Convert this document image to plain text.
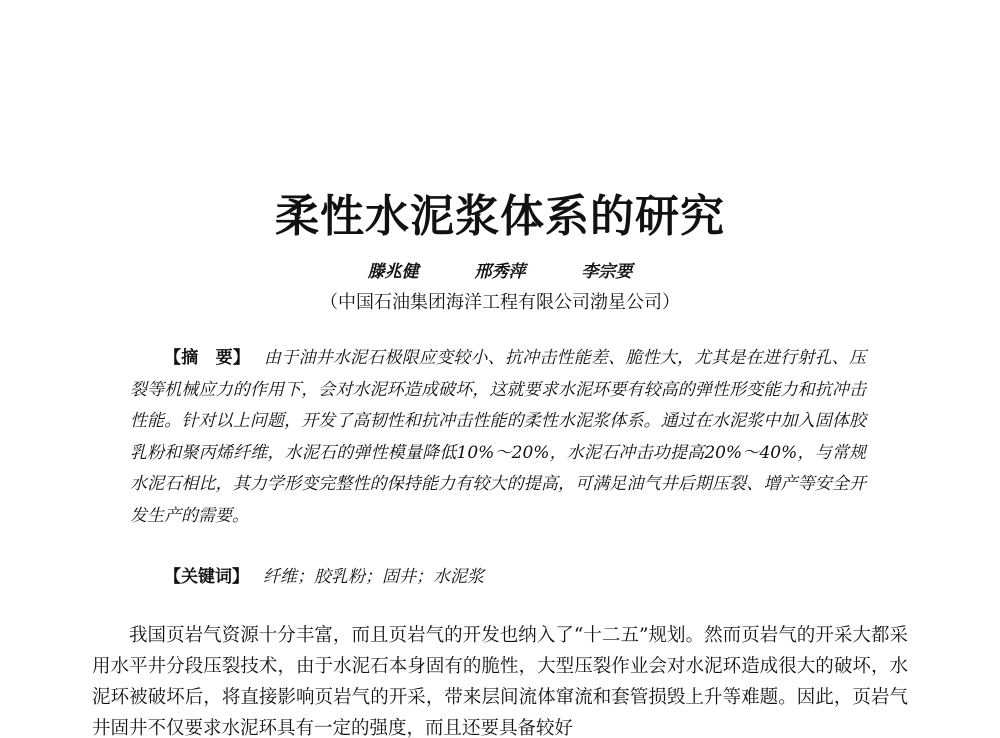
柔性水泥浆体系的研究
滕兆健	邢秀萍	李宗要
（中国石油集团海洋工程有限公司渤星公司）

【摘　要】 由于油井水泥石极限应变较小、抗冲击性能差、脆性大，尤其是在进行射孔、压裂等机械应力的作用下，会对水泥环造成破坏，这就要求水泥环要有较高的弹性形变能力和抗冲击性能。针对以上问题，开发了高韧性和抗冲击性能的柔性水泥浆体系。通过在水泥浆中加入固体胶乳粉和聚丙烯纤维，水泥石的弹性模量降低10%～20%，水泥石冲击功提高20%～40%，与常规水泥石相比，其力学形变完整性的保持能力有较大的提高，可满足油气井后期压裂、增产等安全开发生产的需要。

【关键词】 纤维；胶乳粉；固井；水泥浆

我国页岩气资源十分丰富，而且页岩气的开发也纳入了“十二五”规划。然而页岩气的开采大都采用水平井分段压裂技术，由于水泥石本身固有的脆性，大型压裂作业会对水泥环造成很大的破坏，水泥环被破坏后，将直接影响页岩气的开采，带来层间流体窜流和套管损毁上升等难题。因此，页岩气井固井不仅要求水泥环具有一定的强度，而且还要具备较好
